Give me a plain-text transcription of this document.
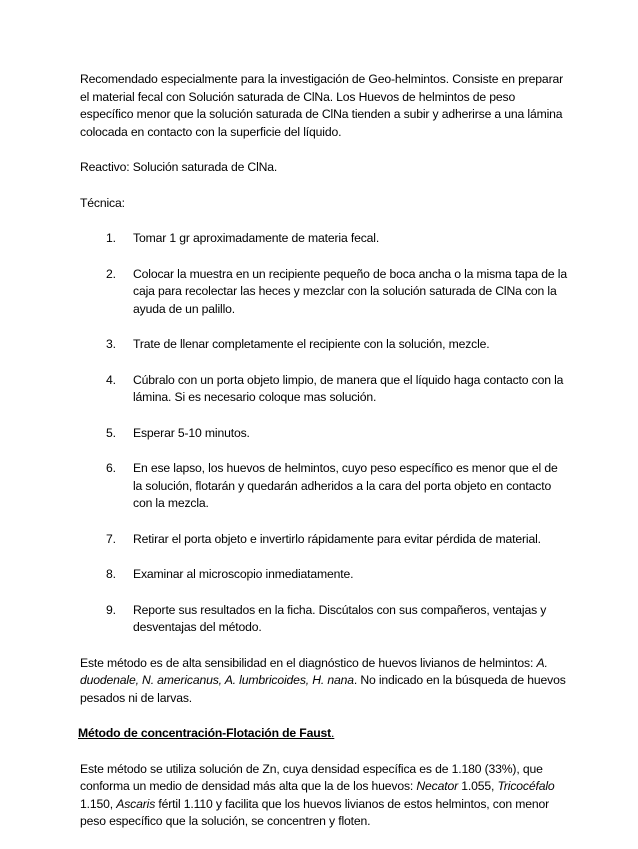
Recomendado especialmente para la investigación de Geo-helmintos. Consiste en preparar el material fecal con Solución saturada de ClNa. Los Huevos de helmintos de peso específico menor que la solución saturada de ClNa tienden a subir y adherirse a una lámina colocada en contacto con la superficie del líquido.

Reactivo: Solución saturada de ClNa.

Técnica:

1.	Tomar 1 gr aproximadamente de materia fecal.
2.	Colocar la muestra en un recipiente pequeño de boca ancha o la misma tapa de la caja para recolectar las heces y mezclar con la solución saturada de ClNa con la ayuda de un palillo.
3.	Trate de llenar completamente el recipiente con la solución, mezcle.
4.	Cúbralo con un porta objeto limpio, de manera que el líquido haga contacto con la lámina. Si es necesario coloque mas solución.
5.	Esperar 5-10 minutos.
6.	En ese lapso, los huevos de helmintos, cuyo peso específico es menor que el de la solución, flotarán y quedarán adheridos a la cara del porta objeto en contacto con la mezcla.
7.	Retirar el porta objeto e invertirlo rápidamente para evitar pérdida de material.
8.	Examinar al microscopio inmediatamente.
9.	Reporte sus resultados en la ficha. Discútalos con sus compañeros, ventajas y desventajas del método.

Este método es de alta sensibilidad en el diagnóstico de huevos livianos de helmintos: A. duodenale, N. americanus, A. lumbricoides, H. nana. No indicado en la búsqueda de huevos pesados ni de larvas.

Método de concentración-Flotación de Faust.

Este método se utiliza solución de Zn, cuya densidad específica es de 1.180 (33%), que conforma un medio de densidad más alta que la de los huevos: Necator 1.055, Tricocéfalo 1.150, Ascaris fértil 1.110 y facilita que los huevos livianos de estos helmintos, con menor peso específico que la solución, se concentren y floten.
